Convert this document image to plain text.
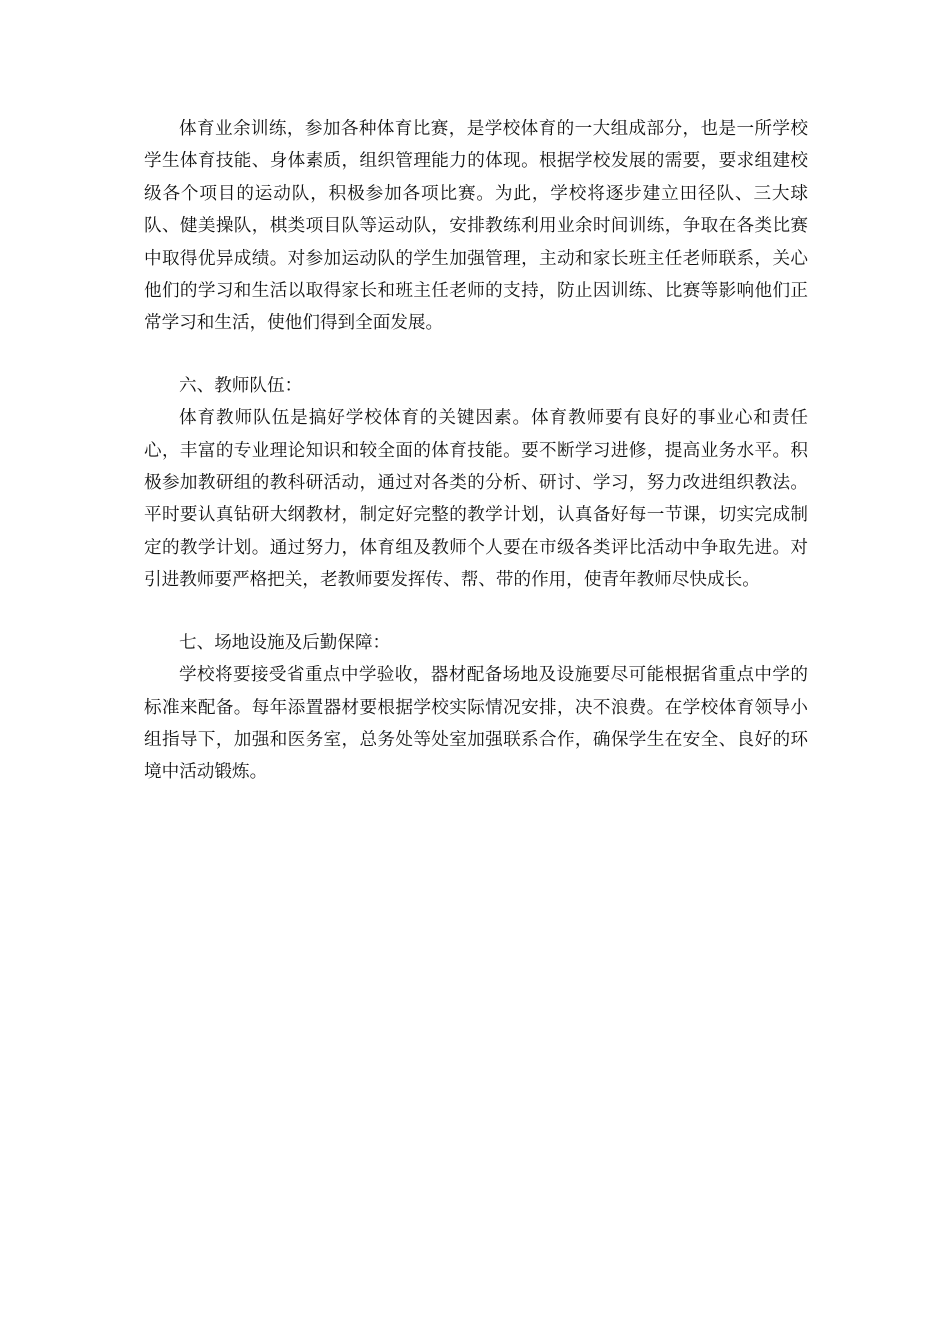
体育业余训练，参加各种体育比赛，是学校体育的一大组成部分，也是一所学校学生体育技能、身体素质，组织管理能力的体现。根据学校发展的需要，要求组建校级各个项目的运动队，积极参加各项比赛。为此，学校将逐步建立田径队、三大球队、健美操队，棋类项目队等运动队，安排教练利用业余时间训练，争取在各类比赛中取得优异成绩。对参加运动队的学生加强管理，主动和家长班主任老师联系，关心他们的学习和生活以取得家长和班主任老师的支持，防止因训练、比赛等影响他们正常学习和生活，使他们得到全面发展。

六、教师队伍：

体育教师队伍是搞好学校体育的关键因素。体育教师要有良好的事业心和责任心，丰富的专业理论知识和较全面的体育技能。要不断学习进修，提高业务水平。积极参加教研组的教科研活动，通过对各类的分析、研讨、学习，努力改进组织教法。平时要认真钻研大纲教材，制定好完整的教学计划，认真备好每一节课，切实完成制定的教学计划。通过努力，体育组及教师个人要在市级各类评比活动中争取先进。对引进教师要严格把关，老教师要发挥传、帮、带的作用，使青年教师尽快成长。

七、场地设施及后勤保障：

学校将要接受省重点中学验收，器材配备场地及设施要尽可能根据省重点中学的标准来配备。每年添置器材要根据学校实际情况安排，决不浪费。在学校体育领导小组指导下，加强和医务室，总务处等处室加强联系合作，确保学生在安全、良好的环境中活动锻炼。
